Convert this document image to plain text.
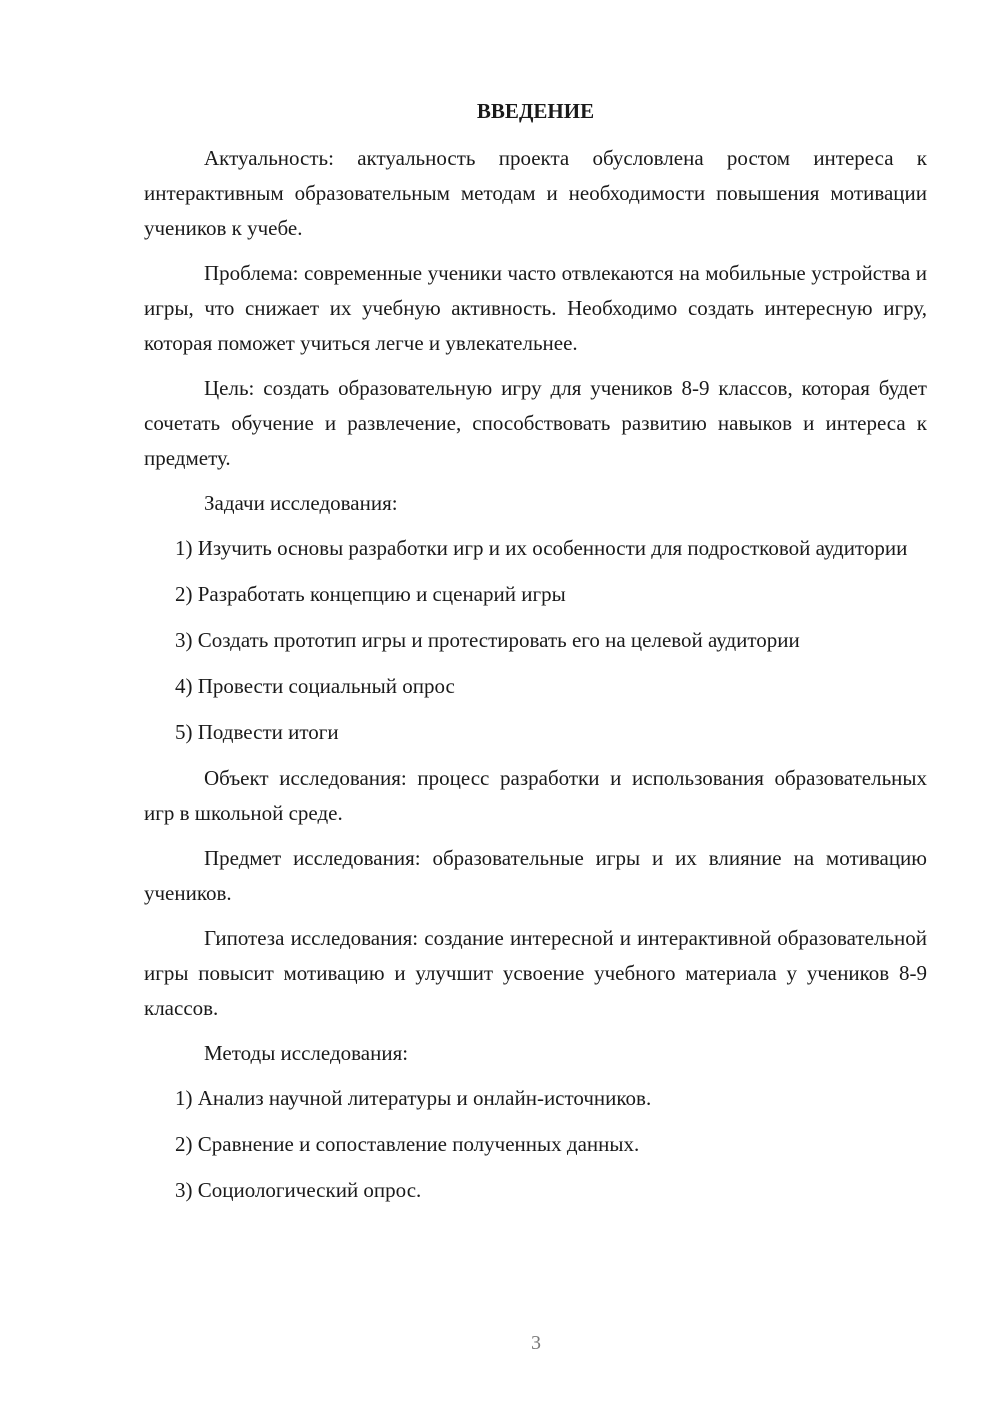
ВВЕДЕНИЕ

Актуальность: актуальность проекта обусловлена ростом интереса к интерактивным образовательным методам и необходимости повышения мотивации учеников к учебе.

Проблема: современные ученики часто отвлекаются на мобильные устройства и игры, что снижает их учебную активность. Необходимо создать интересную игру, которая поможет учиться легче и увлекательнее.

Цель: создать образовательную игру для учеников 8-9 классов, которая будет сочетать обучение и развлечение, способствовать развитию навыков и интереса к предмету.

Задачи исследования:

1) Изучить основы разработки игр и их особенности для подростковой аудитории

2) Разработать концепцию и сценарий игры

3) Создать прототип игры и протестировать его на целевой аудитории

4) Провести социальный опрос

5) Подвести итоги

Объект исследования: процесс разработки и использования образовательных игр в школьной среде.

Предмет исследования: образовательные игры и их влияние на мотивацию учеников.

Гипотеза исследования: создание интересной и интерактивной образовательной игры повысит мотивацию и улучшит усвоение учебного материала у учеников 8-9 классов.

Методы исследования:

1) Анализ научной литературы и онлайн-источников.

2) Сравнение и сопоставление полученных данных.

3) Социологический опрос.

3
